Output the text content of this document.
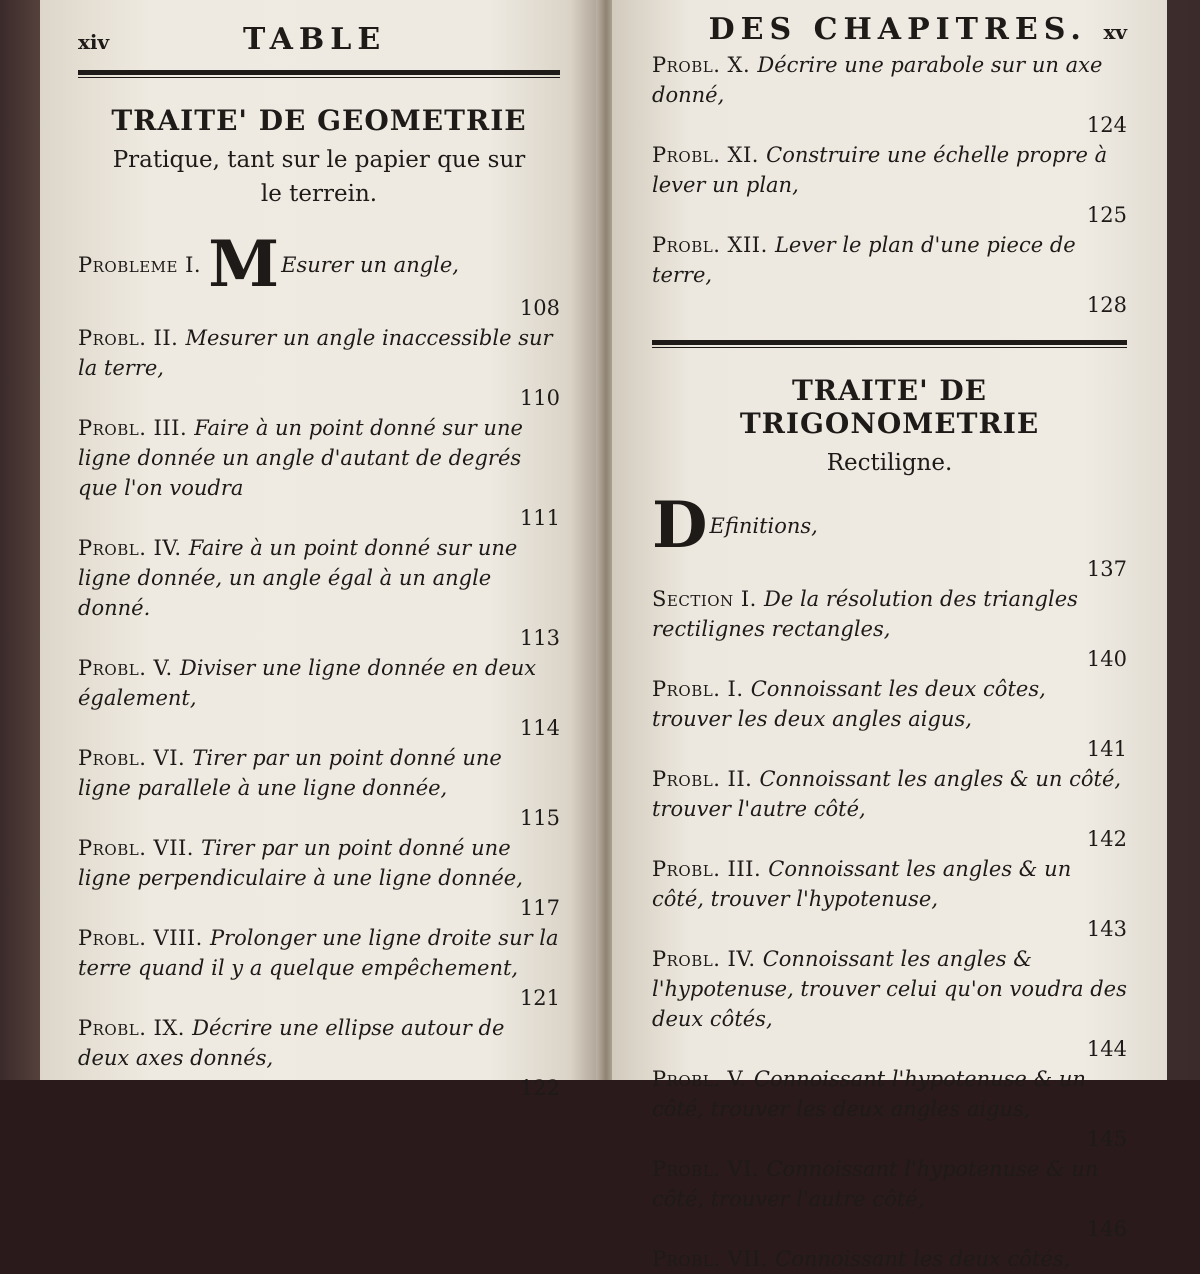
xiv	TABLE
TRAITE' DE GEOMETRIE

Pratique, tant sur le papier que sur
le terrein.

Probleme I. MEsurer un angle,
108
Probl. II. Mesurer un angle inaccessible sur la terre,
110
Probl. III. Faire à un point donné sur une ligne donnée un angle d'autant de degrés que l'on voudra
111
Probl. IV. Faire à un point donné sur une ligne donnée, un angle égal à un angle donné.
113
Probl. V. Diviser une ligne donnée en deux également,
114
Probl. VI. Tirer par un point donné une ligne parallele à une ligne donnée,
115
Probl. VII. Tirer par un point donné une ligne perpendiculaire à une ligne donnée,
117
Probl. VIII. Prolonger une ligne droite sur la terre quand il y a quelque empêchement,
121
Probl. IX. Décrire une ellipse autour de deux axes donnés,
122
DES CHAPITRES. xv
Probl. X. Décrire une parabole sur un axe donné,
124
Probl. XI. Construire une échelle propre à lever un plan,
125
Probl. XII. Lever le plan d'une piece de terre,
128
TRAITE' DE TRIGONOMETRIE

Rectiligne.

DEfinitions,
137
Section I. De la résolution des triangles rectilignes rectangles,
140
Probl. I. Connoissant les deux côtes, trouver les deux angles aigus,
141
Probl. II. Connoissant les angles & un côté, trouver l'autre côté,
142
Probl. III. Connoissant les angles & un côté, trouver l'hypotenuse,
143
Probl. IV. Connoissant les angles & l'hypotenuse, trouver celui qu'on voudra des deux côtés,
144
Probl. V. Connoissant l'hypotenuse & un côté, trouver les deux angles aigus,
145
Probl. VI. Connoissant l'hypotenuse & un côté, trouver l'autre côté,
146
Probl. VII. Connoissant les deux côtés,
